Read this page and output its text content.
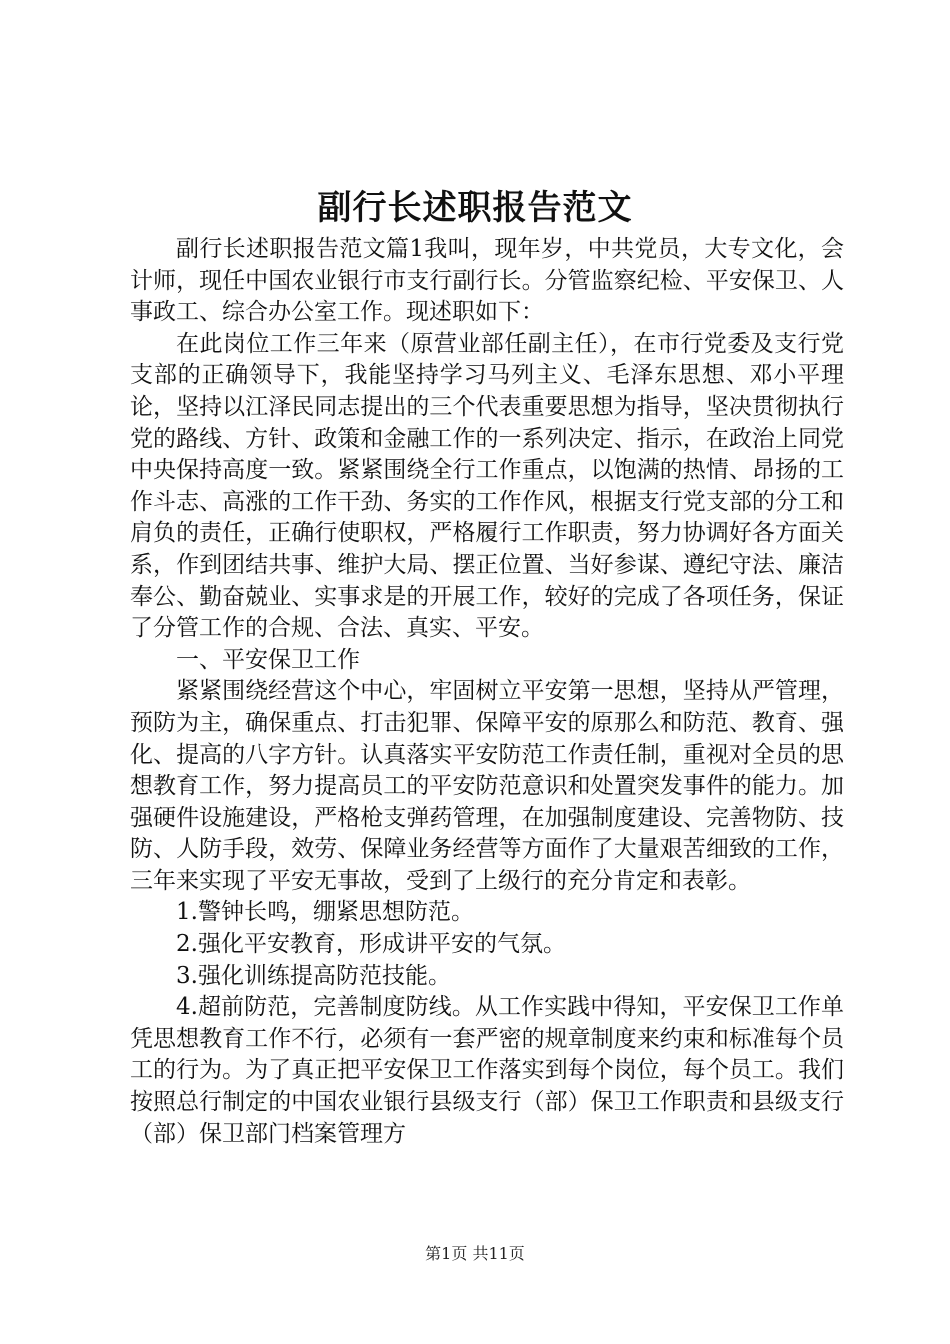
副行长述职报告范文

副行长述职报告范文篇1我叫，现年岁，中共党员，大专文化，会计师，现任中国农业银行市支行副行长。分管监察纪检、平安保卫、人事政工、综合办公室工作。现述职如下：

在此岗位工作三年来（原营业部任副主任），在市行党委及支行党支部的正确领导下，我能坚持学习马列主义、毛泽东思想、邓小平理论，坚持以江泽民同志提出的三个代表重要思想为指导，坚决贯彻执行党的路线、方针、政策和金融工作的一系列决定、指示，在政治上同党中央保持高度一致。紧紧围绕全行工作重点，以饱满的热情、昂扬的工作斗志、高涨的工作干劲、务实的工作作风，根据支行党支部的分工和肩负的责任，正确行使职权，严格履行工作职责，努力协调好各方面关系，作到团结共事、维护大局、摆正位置、当好参谋、遵纪守法、廉洁奉公、勤奋兢业、实事求是的开展工作，较好的完成了各项任务，保证了分管工作的合规、合法、真实、平安。

一、平安保卫工作

紧紧围绕经营这个中心，牢固树立平安第一思想，坚持从严管理，预防为主，确保重点、打击犯罪、保障平安的原那么和防范、教育、强化、提高的八字方针。认真落实平安防范工作责任制，重视对全员的思想教育工作，努力提高员工的平安防范意识和处置突发事件的能力。加强硬件设施建设，严格枪支弹药管理，在加强制度建设、完善物防、技防、人防手段，效劳、保障业务经营等方面作了大量艰苦细致的工作，三年来实现了平安无事故，受到了上级行的充分肯定和表彰。

1.警钟长鸣，绷紧思想防范。

2.强化平安教育，形成讲平安的气氛。

3.强化训练提高防范技能。

4.超前防范，完善制度防线。从工作实践中得知，平安保卫工作单凭思想教育工作不行，必须有一套严密的规章制度来约束和标准每个员工的行为。为了真正把平安保卫工作落实到每个岗位，每个员工。我们按照总行制定的中国农业银行县级支行（部）保卫工作职责和县级支行（部）保卫部门档案管理方

第1页 共11页
